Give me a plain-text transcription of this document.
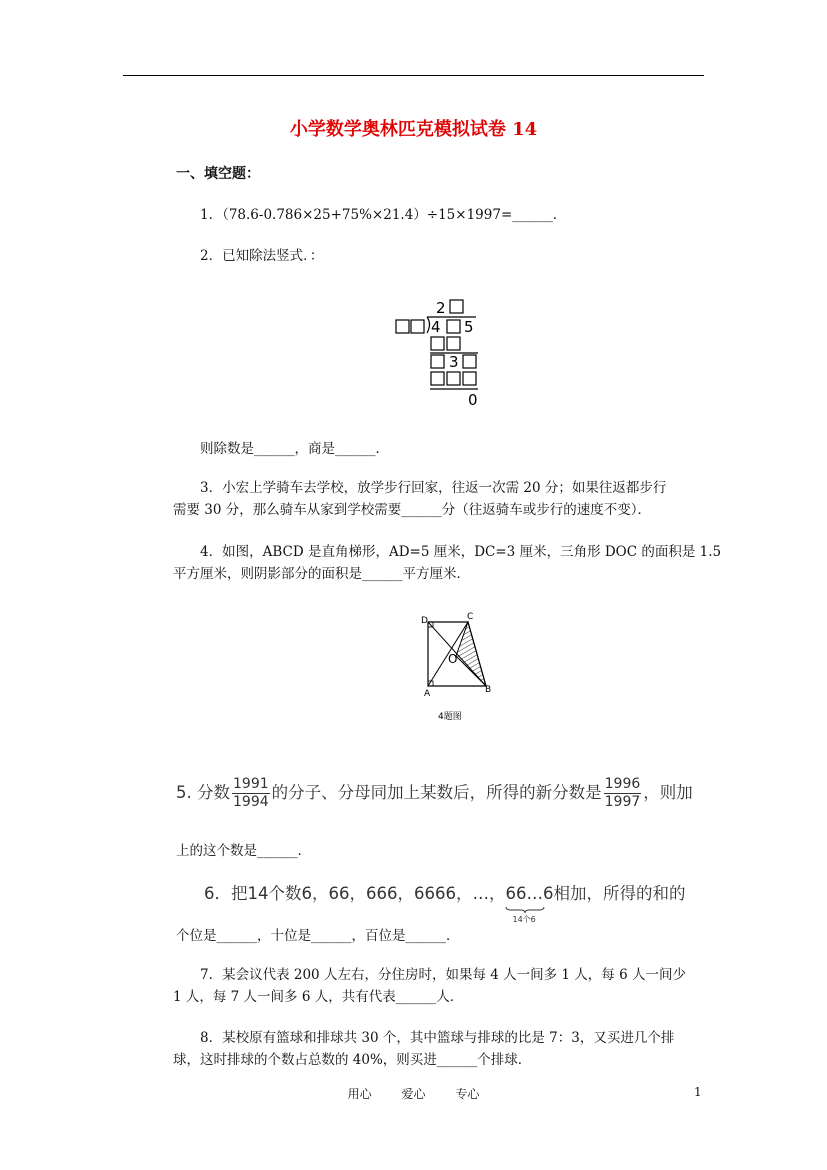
小学数学奥林匹克模拟试卷 14
一、填空题：
1．（78.6-0.786×25+75%×21.4）÷15×1997=______．
2．已知除法竖式．：
2
4 5
3
0
则除数是______，商是______．
3．小宏上学骑车去学校，放学步行回家，往返一次需 20 分；如果往返都步行
需要 30 分，那么骑车从家到学校需要______分（往返骑车或步行的速度不变）．
4．如图，ABCD 是直角梯形，AD=5 厘米，DC=3 厘米，三角形 DOC 的面积是 1.5
平方厘米，则阴影部分的面积是______平方厘米．
D	C
O
A	B
4题图
5. 分数 $\frac{1991}{1994}$ 的分子、分母同加上某数后，所得的新分数是 $\frac{1996}{1997}$ ，则加
上的这个数是______．
6．把14个数6，66，666，6666，…，66…6
14个6
相加，所得的和的
个位是______，十位是______，百位是______．
7．某会议代表 200 人左右，分住房时，如果每 4 人一间多 1 人，每 6 人一间少
1 人，每 7 人一间多 6 人，共有代表______人．
8．某校原有篮球和排球共 30 个，其中篮球与排球的比是 7：3，又买进几个排
球，这时排球的个数占总数的 40%，则买进______个排球．
用心 爱心 专心	1
